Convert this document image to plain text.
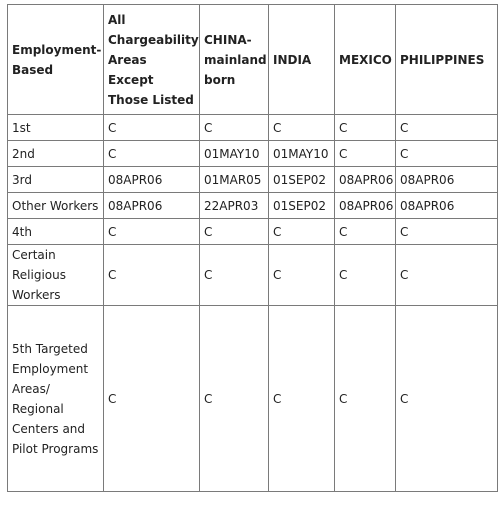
Employment-Based	All Chargeability Areas Except Those Listed	CHINA-mainland born	INDIA	MEXICO	PHILIPPINES
1st	C	C	C	C	C
2nd	C	01MAY10	01MAY10	C	C
3rd	08APR06	01MAR05	01SEP02	08APR06	08APR06
Other Workers	08APR06	22APR03	01SEP02	08APR06	08APR06
4th	C	C	C	C	C
Certain Religious Workers	C	C	C	C	C
5th Targeted Employment Areas/ Regional Centers and Pilot Programs	C	C	C	C	C
